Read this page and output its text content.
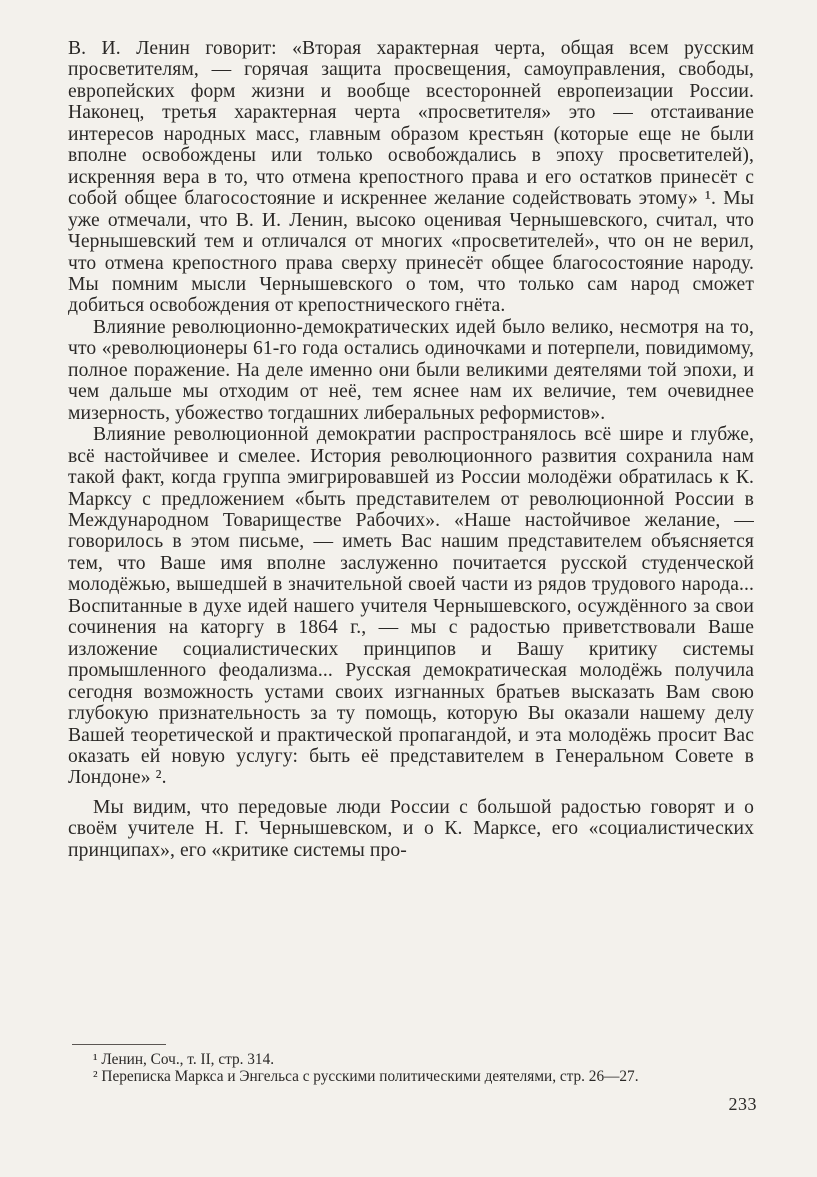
В. И. Ленин говорит: «Вторая характерная черта, общая всем русским просветителям, — горячая защита просвещения, самоуправления, свободы, европейских форм жизни и вообще всесторонней европеизации России. Наконец, третья характерная черта «просветителя» это — отстаивание интересов народных масс, главным образом крестьян (которые еще не были вполне освобождены или только освобождались в эпоху просветителей), искренняя вера в то, что отмена крепостного права и его остатков принесёт с собой общее благосостояние и искреннее желание содействовать этому» ¹. Мы уже отмечали, что В. И. Ленин, высоко оценивая Чернышевского, считал, что Чернышевский тем и отличался от многих «просветителей», что он не верил, что отмена крепостного права сверху принесёт общее благосостояние народу. Мы помним мысли Чернышевского о том, что только сам народ сможет добиться освобождения от крепостнического гнёта.

Влияние революционно-демократических идей было велико, несмотря на то, что «революционеры 61-го года остались одиночками и потерпели, повидимому, полное поражение. На деле именно они были великими деятелями той эпохи, и чем дальше мы отходим от неё, тем яснее нам их величие, тем очевиднее мизерность, убожество тогдашних либеральных реформистов».

Влияние революционной демократии распространялось всё шире и глубже, всё настойчивее и смелее. История революционного развития сохранила нам такой факт, когда группа эмигрировавшей из России молодёжи обратилась к К. Марксу с предложением «быть представителем от революционной России в Международном Товариществе Рабочих». «Наше настойчивое желание, — говорилось в этом письме, — иметь Вас нашим представителем объясняется тем, что Ваше имя вполне заслуженно почитается русской студенческой молодёжью, вышедшей в значительной своей части из рядов трудового народа... Воспитанные в духе идей нашего учителя Чернышевского, осуждённого за свои сочинения на каторгу в 1864 г., — мы с радостью приветствовали Ваше изложение социалистических принципов и Вашу критику системы промышленного феодализма... Русская демократическая молодёжь получила сегодня возможность устами своих изгнанных братьев высказать Вам свою глубокую признательность за ту помощь, которую Вы оказали нашему делу Вашей теоретической и практической пропагандой, и эта молодёжь просит Вас оказать ей новую услугу: быть её представителем в Генеральном Совете в Лондоне» ².

Мы видим, что передовые люди России с большой радостью говорят и о своём учителе Н. Г. Чернышевском, и о К. Марксе, его «социалистических принципах», его «критике системы про-

¹ Ленин, Соч., т. II, стр. 314.

² Переписка Маркса и Энгельса с русскими политическими деятелями, стр. 26—27.

233
